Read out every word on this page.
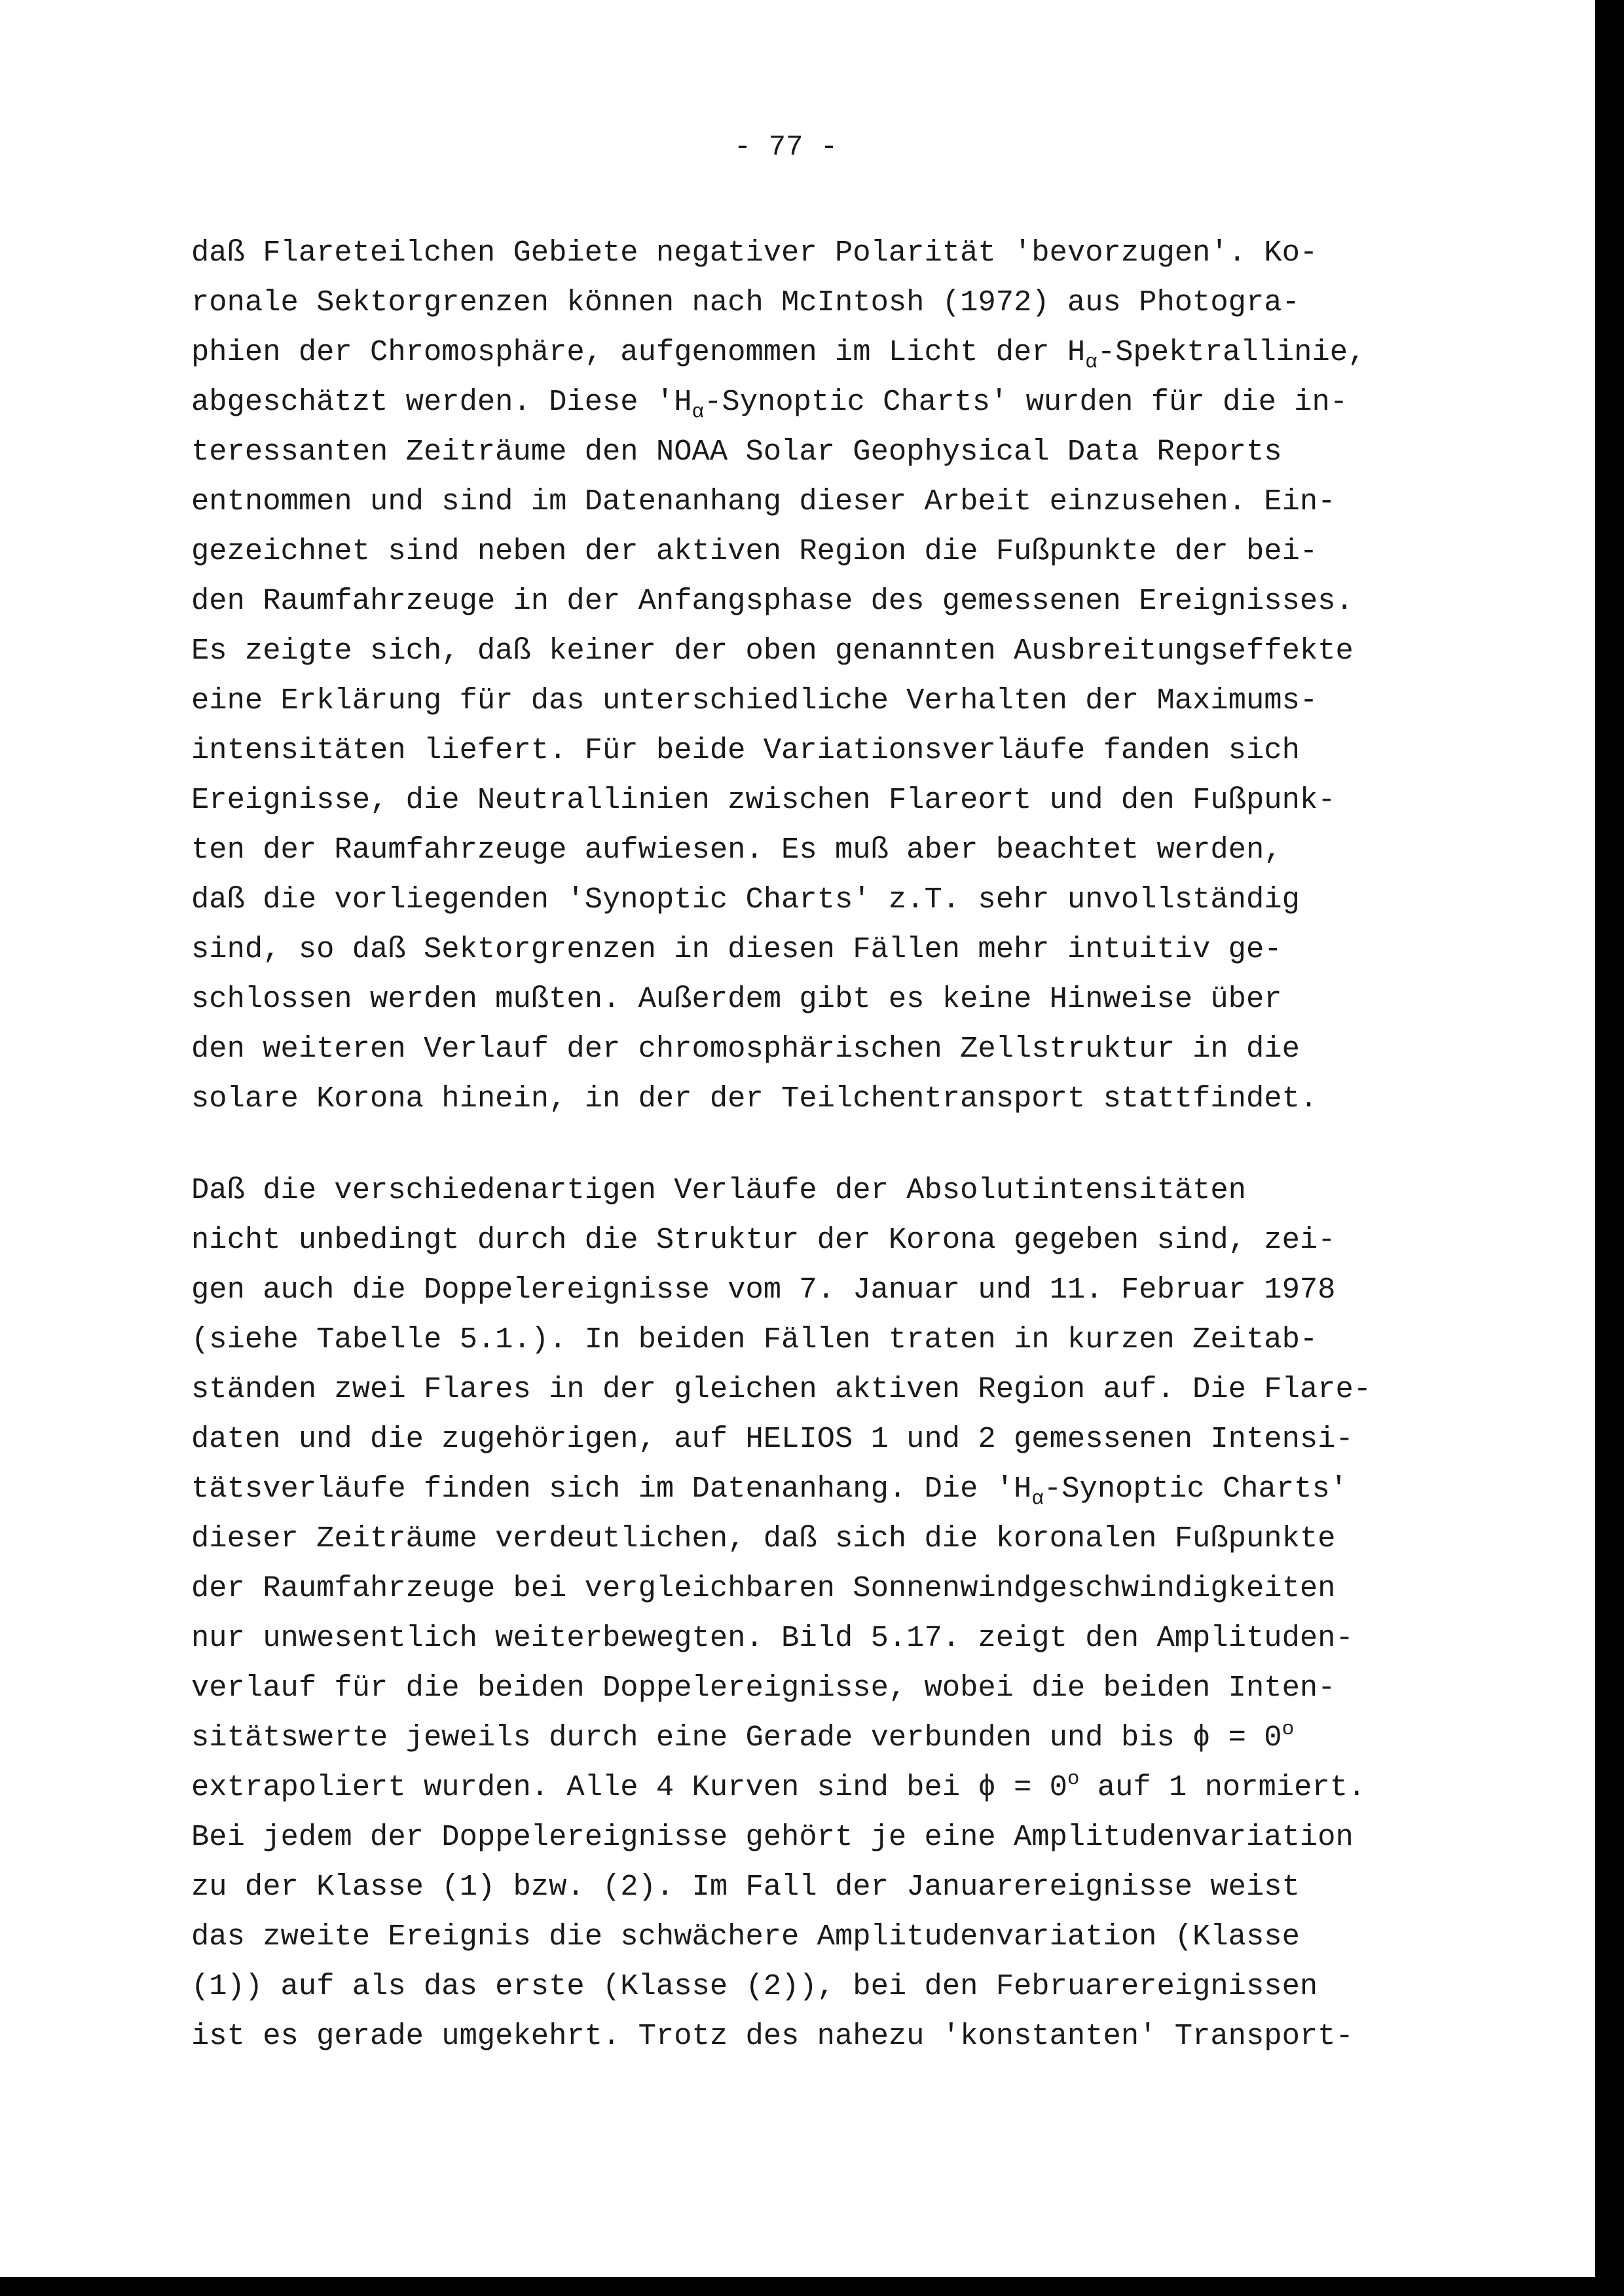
- 77 -
daß Flareteilchen Gebiete negativer Polarität 'bevorzugen'. Ko-
ronale Sektorgrenzen können nach McIntosh (1972) aus Photogra-
phien der Chromosphäre, aufgenommen im Licht der $H_\alpha$-Spektrallinie,
abgeschätzt werden. Diese '$H_\alpha$-Synoptic Charts' wurden für die in-
teressanten Zeiträume den NOAA Solar Geophysical Data Reports
entnommen und sind im Datenanhang dieser Arbeit einzusehen. Ein-
gezeichnet sind neben der aktiven Region die Fußpunkte der bei-
den Raumfahrzeuge in der Anfangsphase des gemessenen Ereignisses.
Es zeigte sich, daß keiner der oben genannten Ausbreitungseffekte
eine Erklärung für das unterschiedliche Verhalten der Maximums-
intensitäten liefert. Für beide Variationsverläufe fanden sich
Ereignisse, die Neutrallinien zwischen Flareort und den Fußpunk-
ten der Raumfahrzeuge aufwiesen. Es muß aber beachtet werden,
daß die vorliegenden 'Synoptic Charts' z.T. sehr unvollständig
sind, so daß Sektorgrenzen in diesen Fällen mehr intuitiv ge-
schlossen werden mußten. Außerdem gibt es keine Hinweise über
den weiteren Verlauf der chromosphärischen Zellstruktur in die
solare Korona hinein, in der der Teilchentransport stattfindet.
Daß die verschiedenartigen Verläufe der Absolutintensitäten
nicht unbedingt durch die Struktur der Korona gegeben sind, zei-
gen auch die Doppelereignisse vom 7. Januar und 11. Februar 1978
(siehe Tabelle 5.1.). In beiden Fällen traten in kurzen Zeitab-
ständen zwei Flares in der gleichen aktiven Region auf. Die Flare-
daten und die zugehörigen, auf HELIOS 1 und 2 gemessenen Intensi-
tätsverläufe finden sich im Datenanhang. Die '$H_\alpha$-Synoptic Charts'
dieser Zeiträume verdeutlichen, daß sich die koronalen Fußpunkte
der Raumfahrzeuge bei vergleichbaren Sonnenwindgeschwindigkeiten
nur unwesentlich weiterbewegten. Bild 5.17. zeigt den Amplituden-
verlauf für die beiden Doppelereignisse, wobei die beiden Inten-
sitätswerte jeweils durch eine Gerade verbunden und bis $\phi = 0^o$
extrapoliert wurden. Alle 4 Kurven sind bei $\phi = 0^o$ auf 1 normiert.
Bei jedem der Doppelereignisse gehört je eine Amplitudenvariation
zu der Klasse (1) bzw. (2). Im Fall der Januarereignisse weist
das zweite Ereignis die schwächere Amplitudenvariation (Klasse
(1)) auf als das erste (Klasse (2)), bei den Februarereignissen
ist es gerade umgekehrt. Trotz des nahezu 'konstanten' Transport-
